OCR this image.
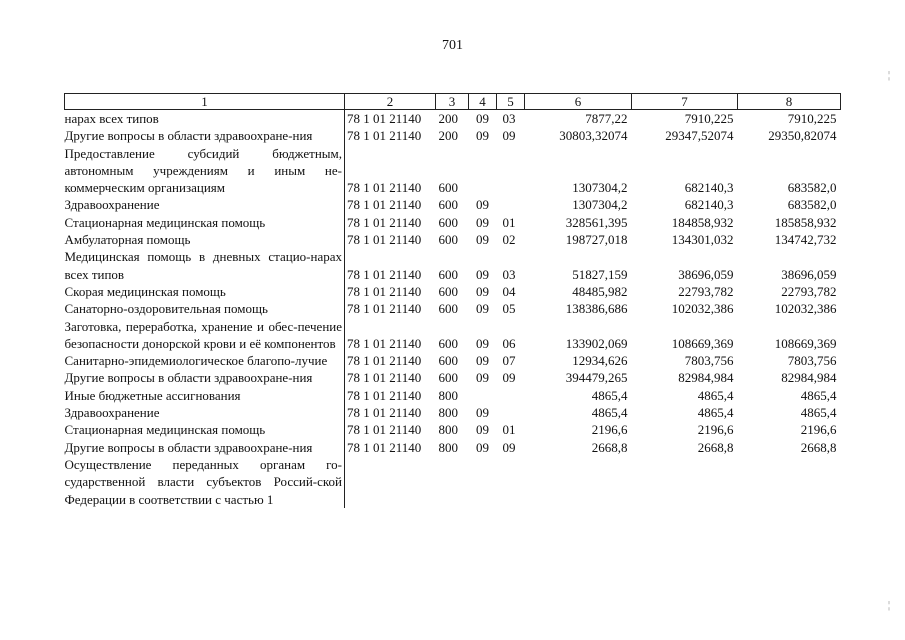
701
1	2	3	4	5	6	7	8
нарах всех типов	78 1 01 21140	200	09	03	7877,22	7910,225	7910,225
Другие вопросы в области здравоохране-ния	78 1 01 21140	200	09	09	30803,32074	29347,52074	29350,82074
Предоставление субсидий бюджетным, автономным учреждениям и иным не-коммерческим организациям	78 1 01 21140	600			1307304,2	682140,3	683582,0
Здравоохранение	78 1 01 21140	600	09		1307304,2	682140,3	683582,0
Стационарная медицинская помощь	78 1 01 21140	600	09	01	328561,395	184858,932	185858,932
Амбулаторная помощь	78 1 01 21140	600	09	02	198727,018	134301,032	134742,732
Медицинская помощь в дневных стацио-нарах всех типов	78 1 01 21140	600	09	03	51827,159	38696,059	38696,059
Скорая медицинская помощь	78 1 01 21140	600	09	04	48485,982	22793,782	22793,782
Санаторно-оздоровительная помощь	78 1 01 21140	600	09	05	138386,686	102032,386	102032,386
Заготовка, переработка, хранение и обес-печение безопасности донорской крови и её компонентов	78 1 01 21140	600	09	06	133902,069	108669,369	108669,369
Санитарно-эпидемиологическое благопо-лучие	78 1 01 21140	600	09	07	12934,626	7803,756	7803,756
Другие вопросы в области здравоохране-ния	78 1 01 21140	600	09	09	394479,265	82984,984	82984,984
Иные бюджетные ассигнования	78 1 01 21140	800			4865,4	4865,4	4865,4
Здравоохранение	78 1 01 21140	800	09		4865,4	4865,4	4865,4
Стационарная медицинская помощь	78 1 01 21140	800	09	01	2196,6	2196,6	2196,6
Другие вопросы в области здравоохране-ния	78 1 01 21140	800	09	09	2668,8	2668,8	2668,8
Осуществление переданных органам го-сударственной власти субъектов Россий-ской Федерации в соответствии с частью 1							
¦
¦
